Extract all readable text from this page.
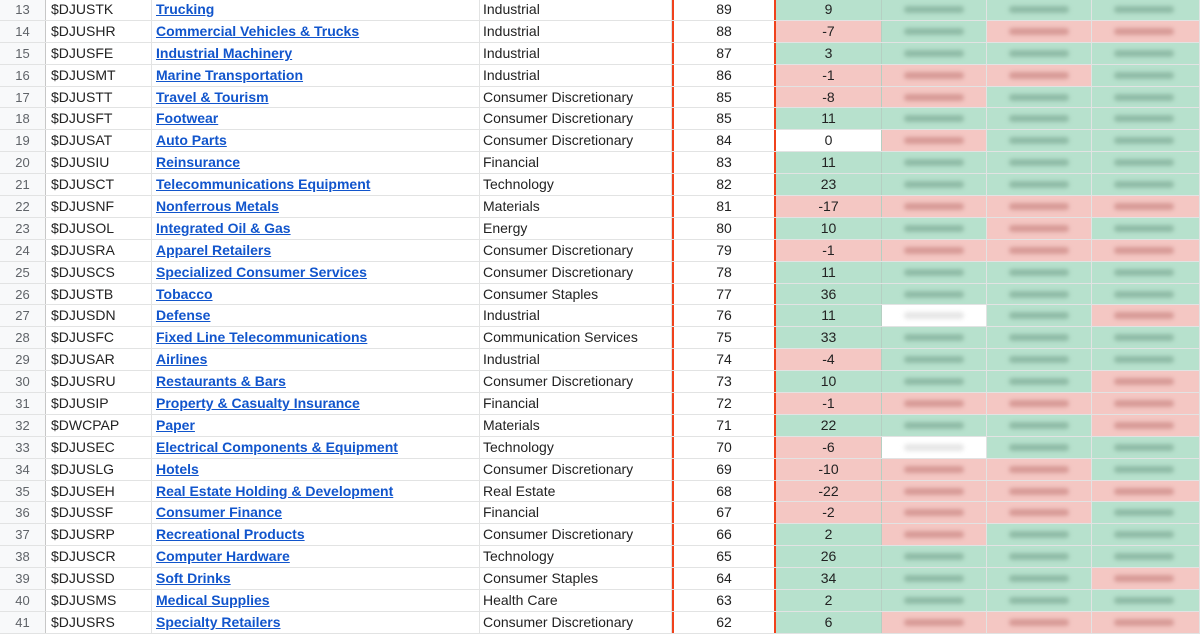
13	$DJUSTK	Trucking	Industrial	89	9
14	$DJUSHR	Commercial Vehicles & Trucks	Industrial	88	-7
15	$DJUSFE	Industrial Machinery	Industrial	87	3
16	$DJUSMT	Marine Transportation	Industrial	86	-1
17	$DJUSTT	Travel & Tourism	Consumer Discretionary	85	-8
18	$DJUSFT	Footwear	Consumer Discretionary	85	11
19	$DJUSAT	Auto Parts	Consumer Discretionary	84	0
20	$DJUSIU	Reinsurance	Financial	83	11
21	$DJUSCT	Telecommunications Equipment	Technology	82	23
22	$DJUSNF	Nonferrous Metals	Materials	81	-17
23	$DJUSOL	Integrated Oil & Gas	Energy	80	10
24	$DJUSRA	Apparel Retailers	Consumer Discretionary	79	-1
25	$DJUSCS	Specialized Consumer Services	Consumer Discretionary	78	11
26	$DJUSTB	Tobacco	Consumer Staples	77	36
27	$DJUSDN	Defense	Industrial	76	11
28	$DJUSFC	Fixed Line Telecommunications	Communication Services	75	33
29	$DJUSAR	Airlines	Industrial	74	-4
30	$DJUSRU	Restaurants & Bars	Consumer Discretionary	73	10
31	$DJUSIP	Property & Casualty Insurance	Financial	72	-1
32	$DWCPAP	Paper	Materials	71	22
33	$DJUSEC	Electrical Components & Equipment	Technology	70	-6
34	$DJUSLG	Hotels	Consumer Discretionary	69	-10
35	$DJUSEH	Real Estate Holding & Development	Real Estate	68	-22
36	$DJUSSF	Consumer Finance	Financial	67	-2
37	$DJUSRP	Recreational Products	Consumer Discretionary	66	2
38	$DJUSCR	Computer Hardware	Technology	65	26
39	$DJUSSD	Soft Drinks	Consumer Staples	64	34
40	$DJUSMS	Medical Supplies	Health Care	63	2
41	$DJUSRS	Specialty Retailers	Consumer Discretionary	62	6
